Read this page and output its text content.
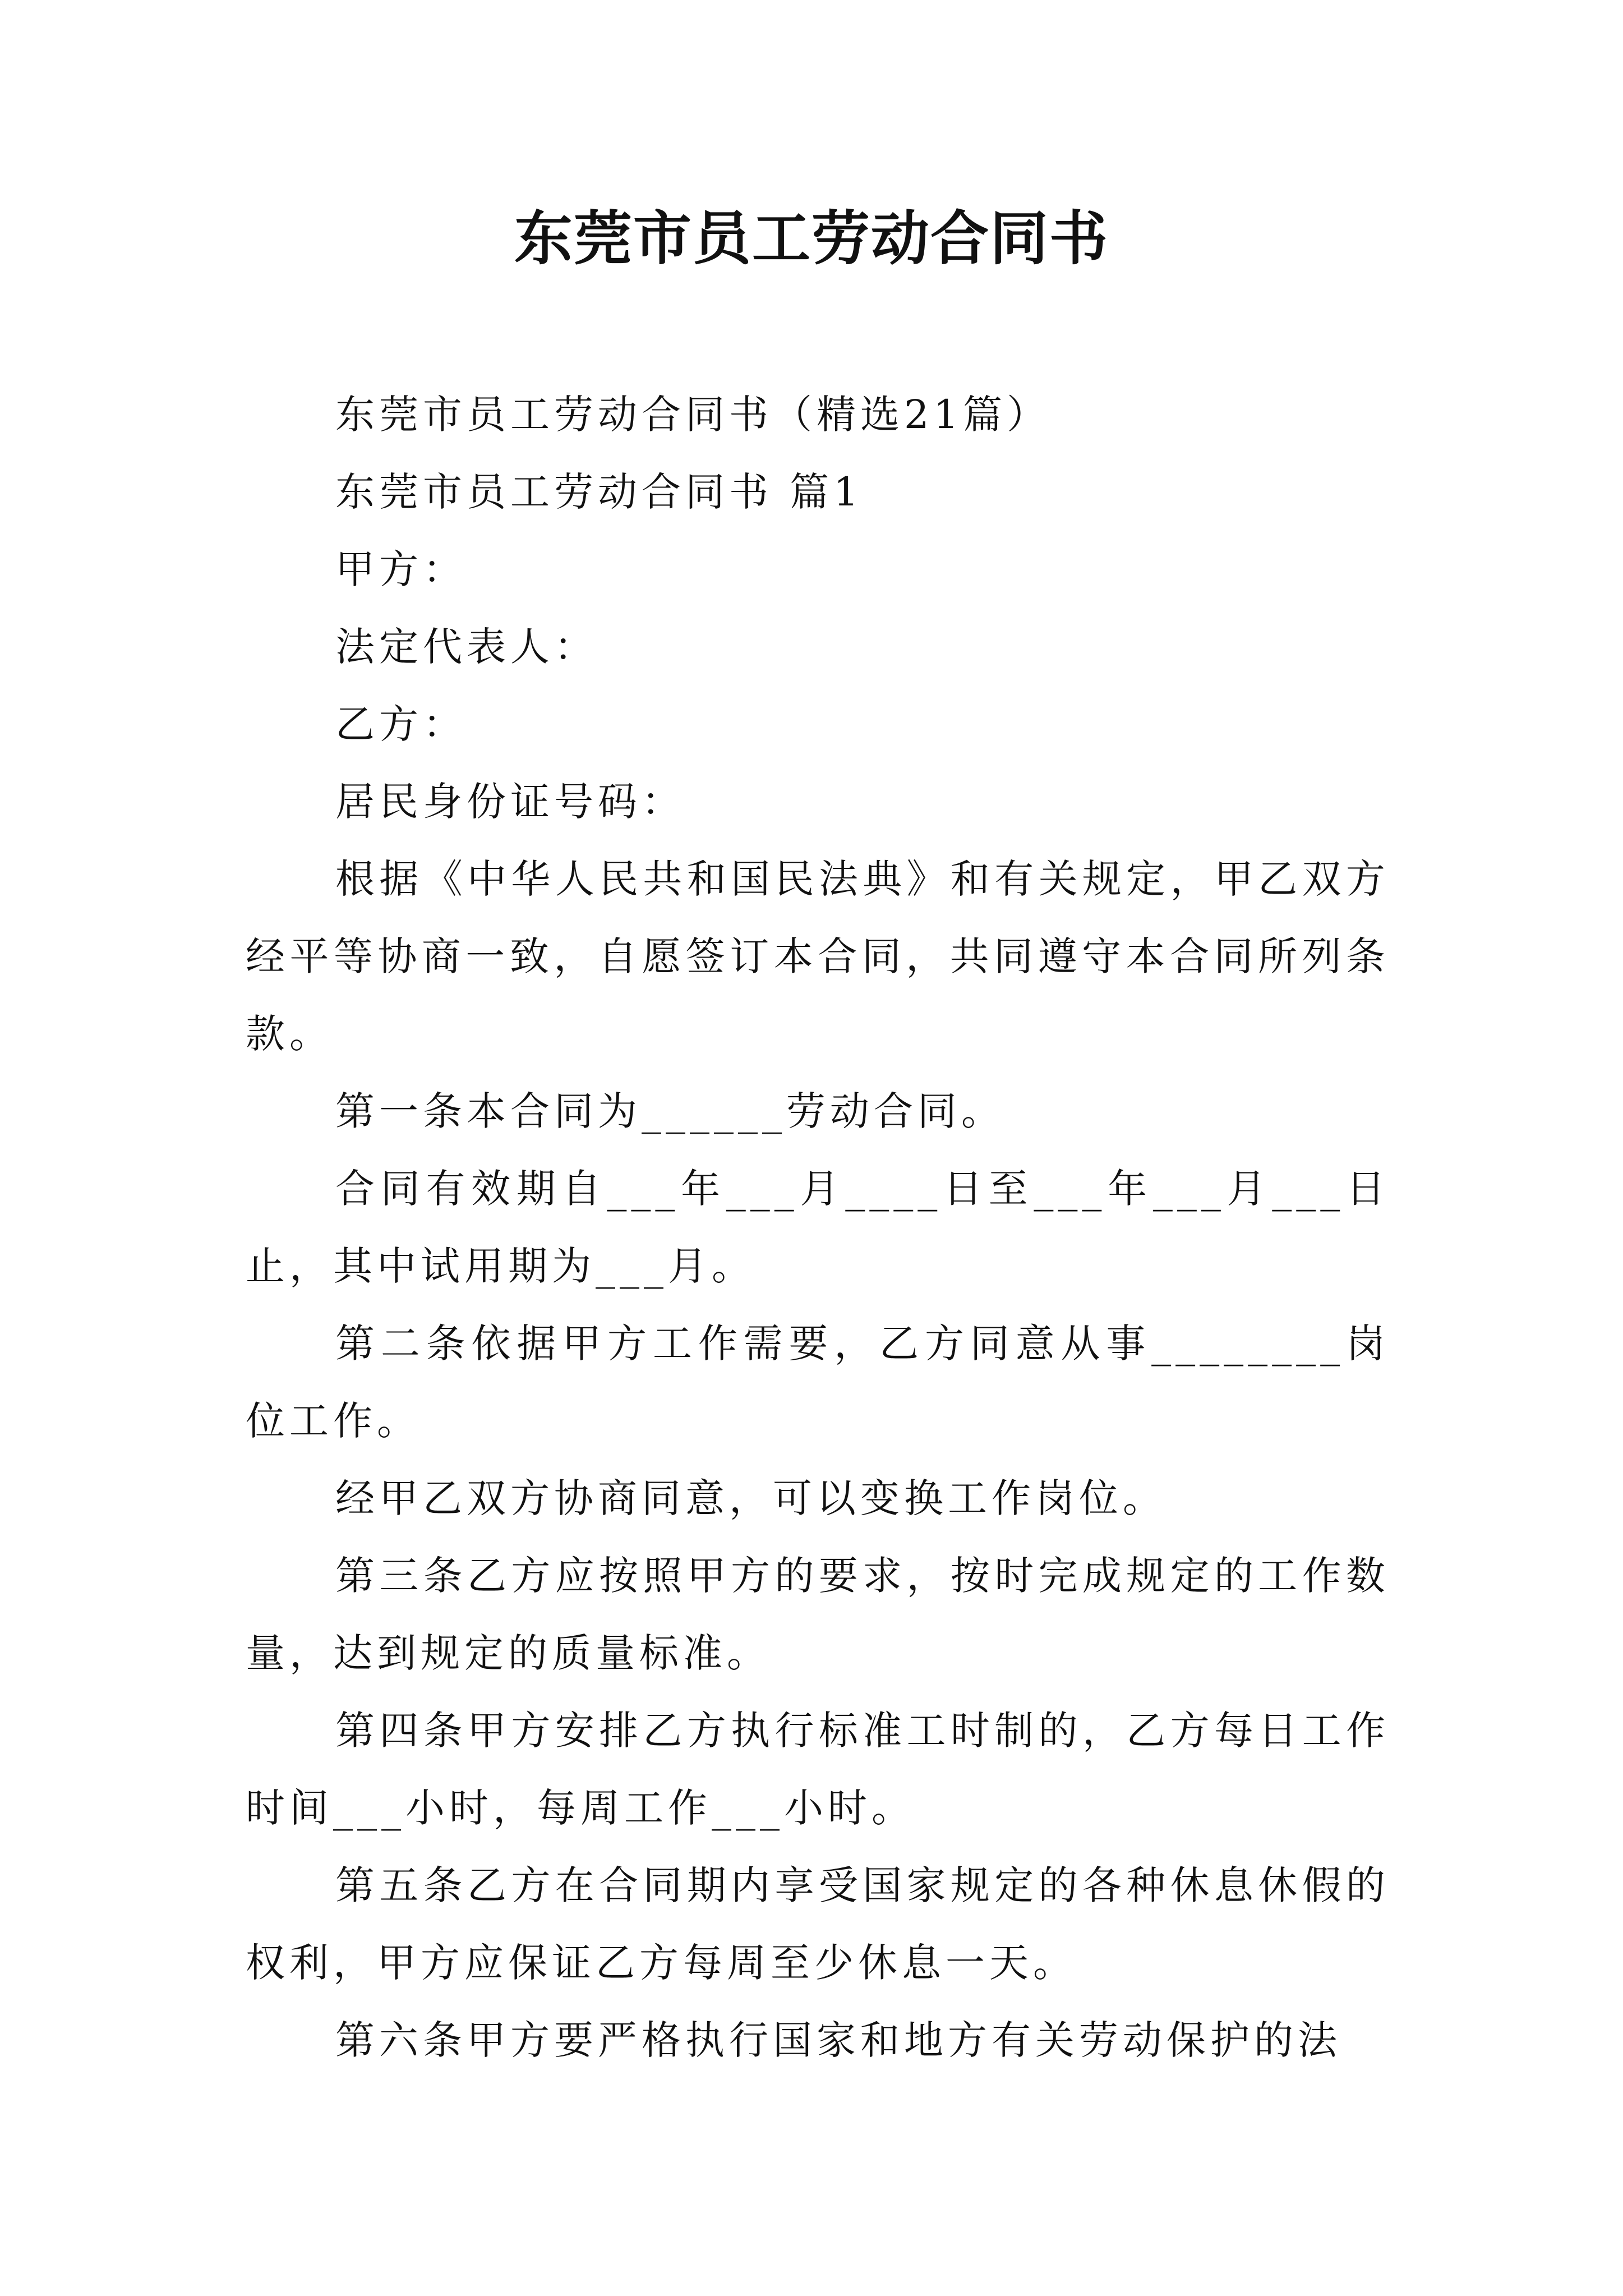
东莞市员工劳动合同书

东莞市员工劳动合同书（精选21篇）

东莞市员工劳动合同书 篇1

甲方：

法定代表人：

乙方：

居民身份证号码：

根据《中华人民共和国民法典》和有关规定，甲乙双方经平等协商一致，自愿签订本合同，共同遵守本合同所列条款。

第一条本合同为______劳动合同。

合同有效期自___年___月____日至___年___月___日止，其中试用期为___月。

第二条依据甲方工作需要，乙方同意从事________岗位工作。

经甲乙双方协商同意，可以变换工作岗位。

第三条乙方应按照甲方的要求，按时完成规定的工作数量，达到规定的质量标准。

第四条甲方安排乙方执行标准工时制的，乙方每日工作时间___小时，每周工作___小时。

第五条乙方在合同期内享受国家规定的各种休息休假的权利，甲方应保证乙方每周至少休息一天。

第六条甲方要严格执行国家和地方有关劳动保护的法
